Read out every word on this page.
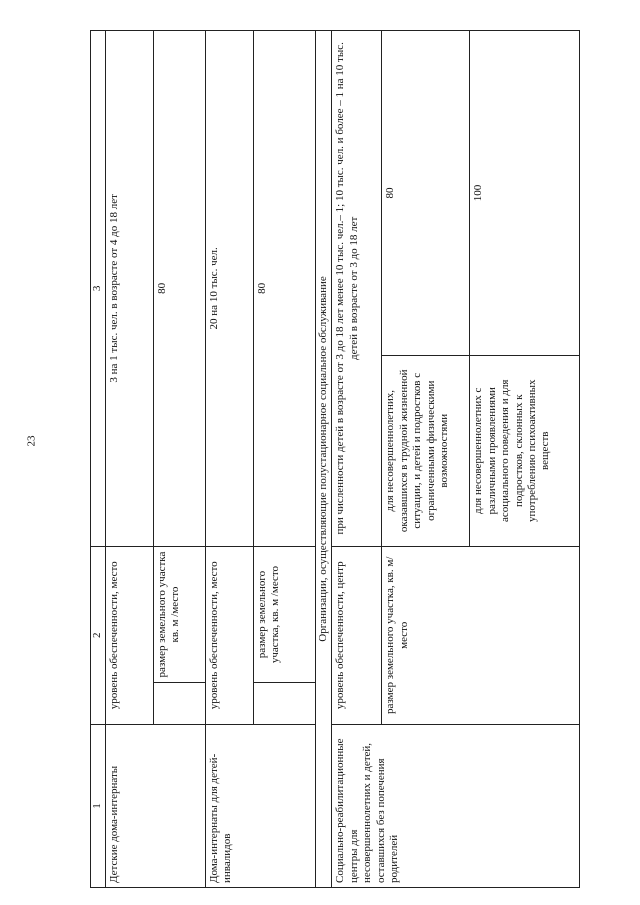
23
1	2		3	
Детские дома-интернаты	уровень обеспеченности, место		3 на 1 тыс. чел. в возрасте от 4 до 18 лет	
		размер земельного участка кв. м /место	80	
Дома-интернаты для детей-инвалидов	уровень обеспеченности, место		20 на 10 тыс. чел.	
		размер земельного участка, кв. м /место	80	
Организации, осуществляющие полустационарное социальное обслуживание				
Социально-реабилитационные центры для несовершеннолетних и детей, оставшихся без попечения родителей	уровень обеспеченности, центр		при численности детей в возрасте от 3 до 18 лет менее 10 тыс. чел.– 1; 10 тыс. чел. и более – 1 на 10 тыс. детей в возрасте от 3 до 18 лет	
	размер земельного участка, кв. м/место		для несовершеннолетних, оказавшихся в трудной жизненной ситуации, и детей и подростков с ограниченными физическими возможностями	80
			для несовершеннолетних с различными проявлениями асоциального поведения и для подростков, склонных к употреблению психоактивных веществ	100
